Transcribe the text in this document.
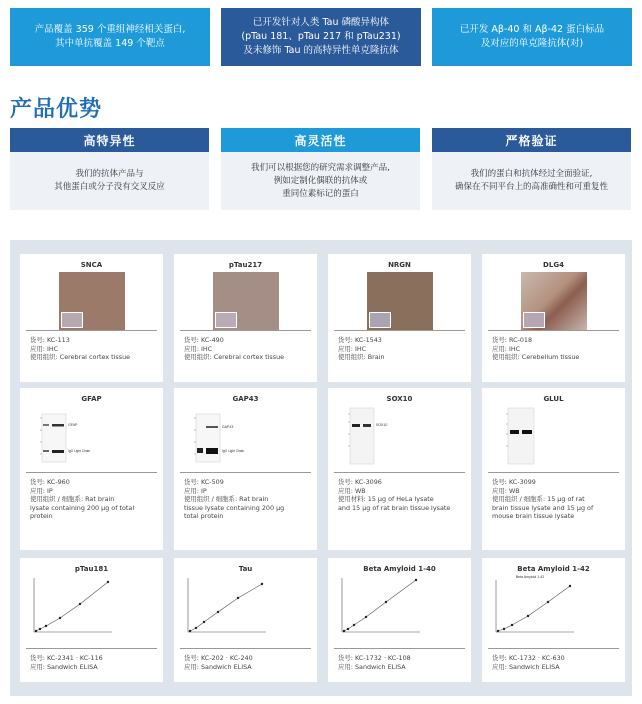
产品覆盖 359 个重组神经相关蛋白,
其中单抗覆盖 149 个靶点
已开发针对人类 Tau 磷酸异构体
(pTau 181、pTau 217 和 pTau231)
及未修饰 Tau 的高特异性单克隆抗体
已开发 Aβ-40 和 Aβ-42 蛋白标品
及对应的单克隆抗体(对)
产品优势
高特异性
我们的抗体产品与
其他蛋白或分子没有交叉反应
高灵活性
我们可以根据您的研究需求调整产品,
例如定制化偶联的抗体或
重同位素标记的蛋白
严格验证
我们的蛋白和抗体经过全面验证,
确保在不同平台上的高准确性和可重复性
SNCA
货号: KC-113
应用: IHC
使用组织: Cerebral cortex tissue
pTau217
货号: KC-490
应用: IHC
使用组织: Cerebral cortex tissue
NRGN
货号: KC-1543
应用: IHC
使用组织: Brain
DLG4
货号: RC-018
应用: IHC
使用组织: Cerebellum tissue
GFAP
GFAP
IgG Light Chain
货号: KC-960
应用: IP
使用组织 / 细胞系: Rat brain
lysate containing 200 μg of total
protein
GAP43
GAP43
IgG Light Chain
货号: KC-509
应用: IP
使用组织 / 细胞系: Rat brain
tissue lysate containing 200 μg
total protein
SOX10
SOX10
货号: KC-3096
应用: WB
使用材料: 15 μg of HeLa lysate
and 15 μg of rat brain tissue lysate
GLUL
货号: KC-3099
应用: WB
使用组织 / 细胞系: 15 μg of rat
brain tissue lysate and 15 μg of
mouse brain tissue lysate
pTau181
货号: KC-2341 · KC-116
应用: Sandwich ELISA
Tau
货号: KC-202 · KC-240
应用: Sandwich ELISA
Beta Amyloid 1-40
货号: KC-1732 · KC-108
应用: Sandwich ELISA
Beta Amyloid 1-42
Beta Amyloid 1-42
货号: KC-1732 · KC-630
应用: Sandwich ELISA
